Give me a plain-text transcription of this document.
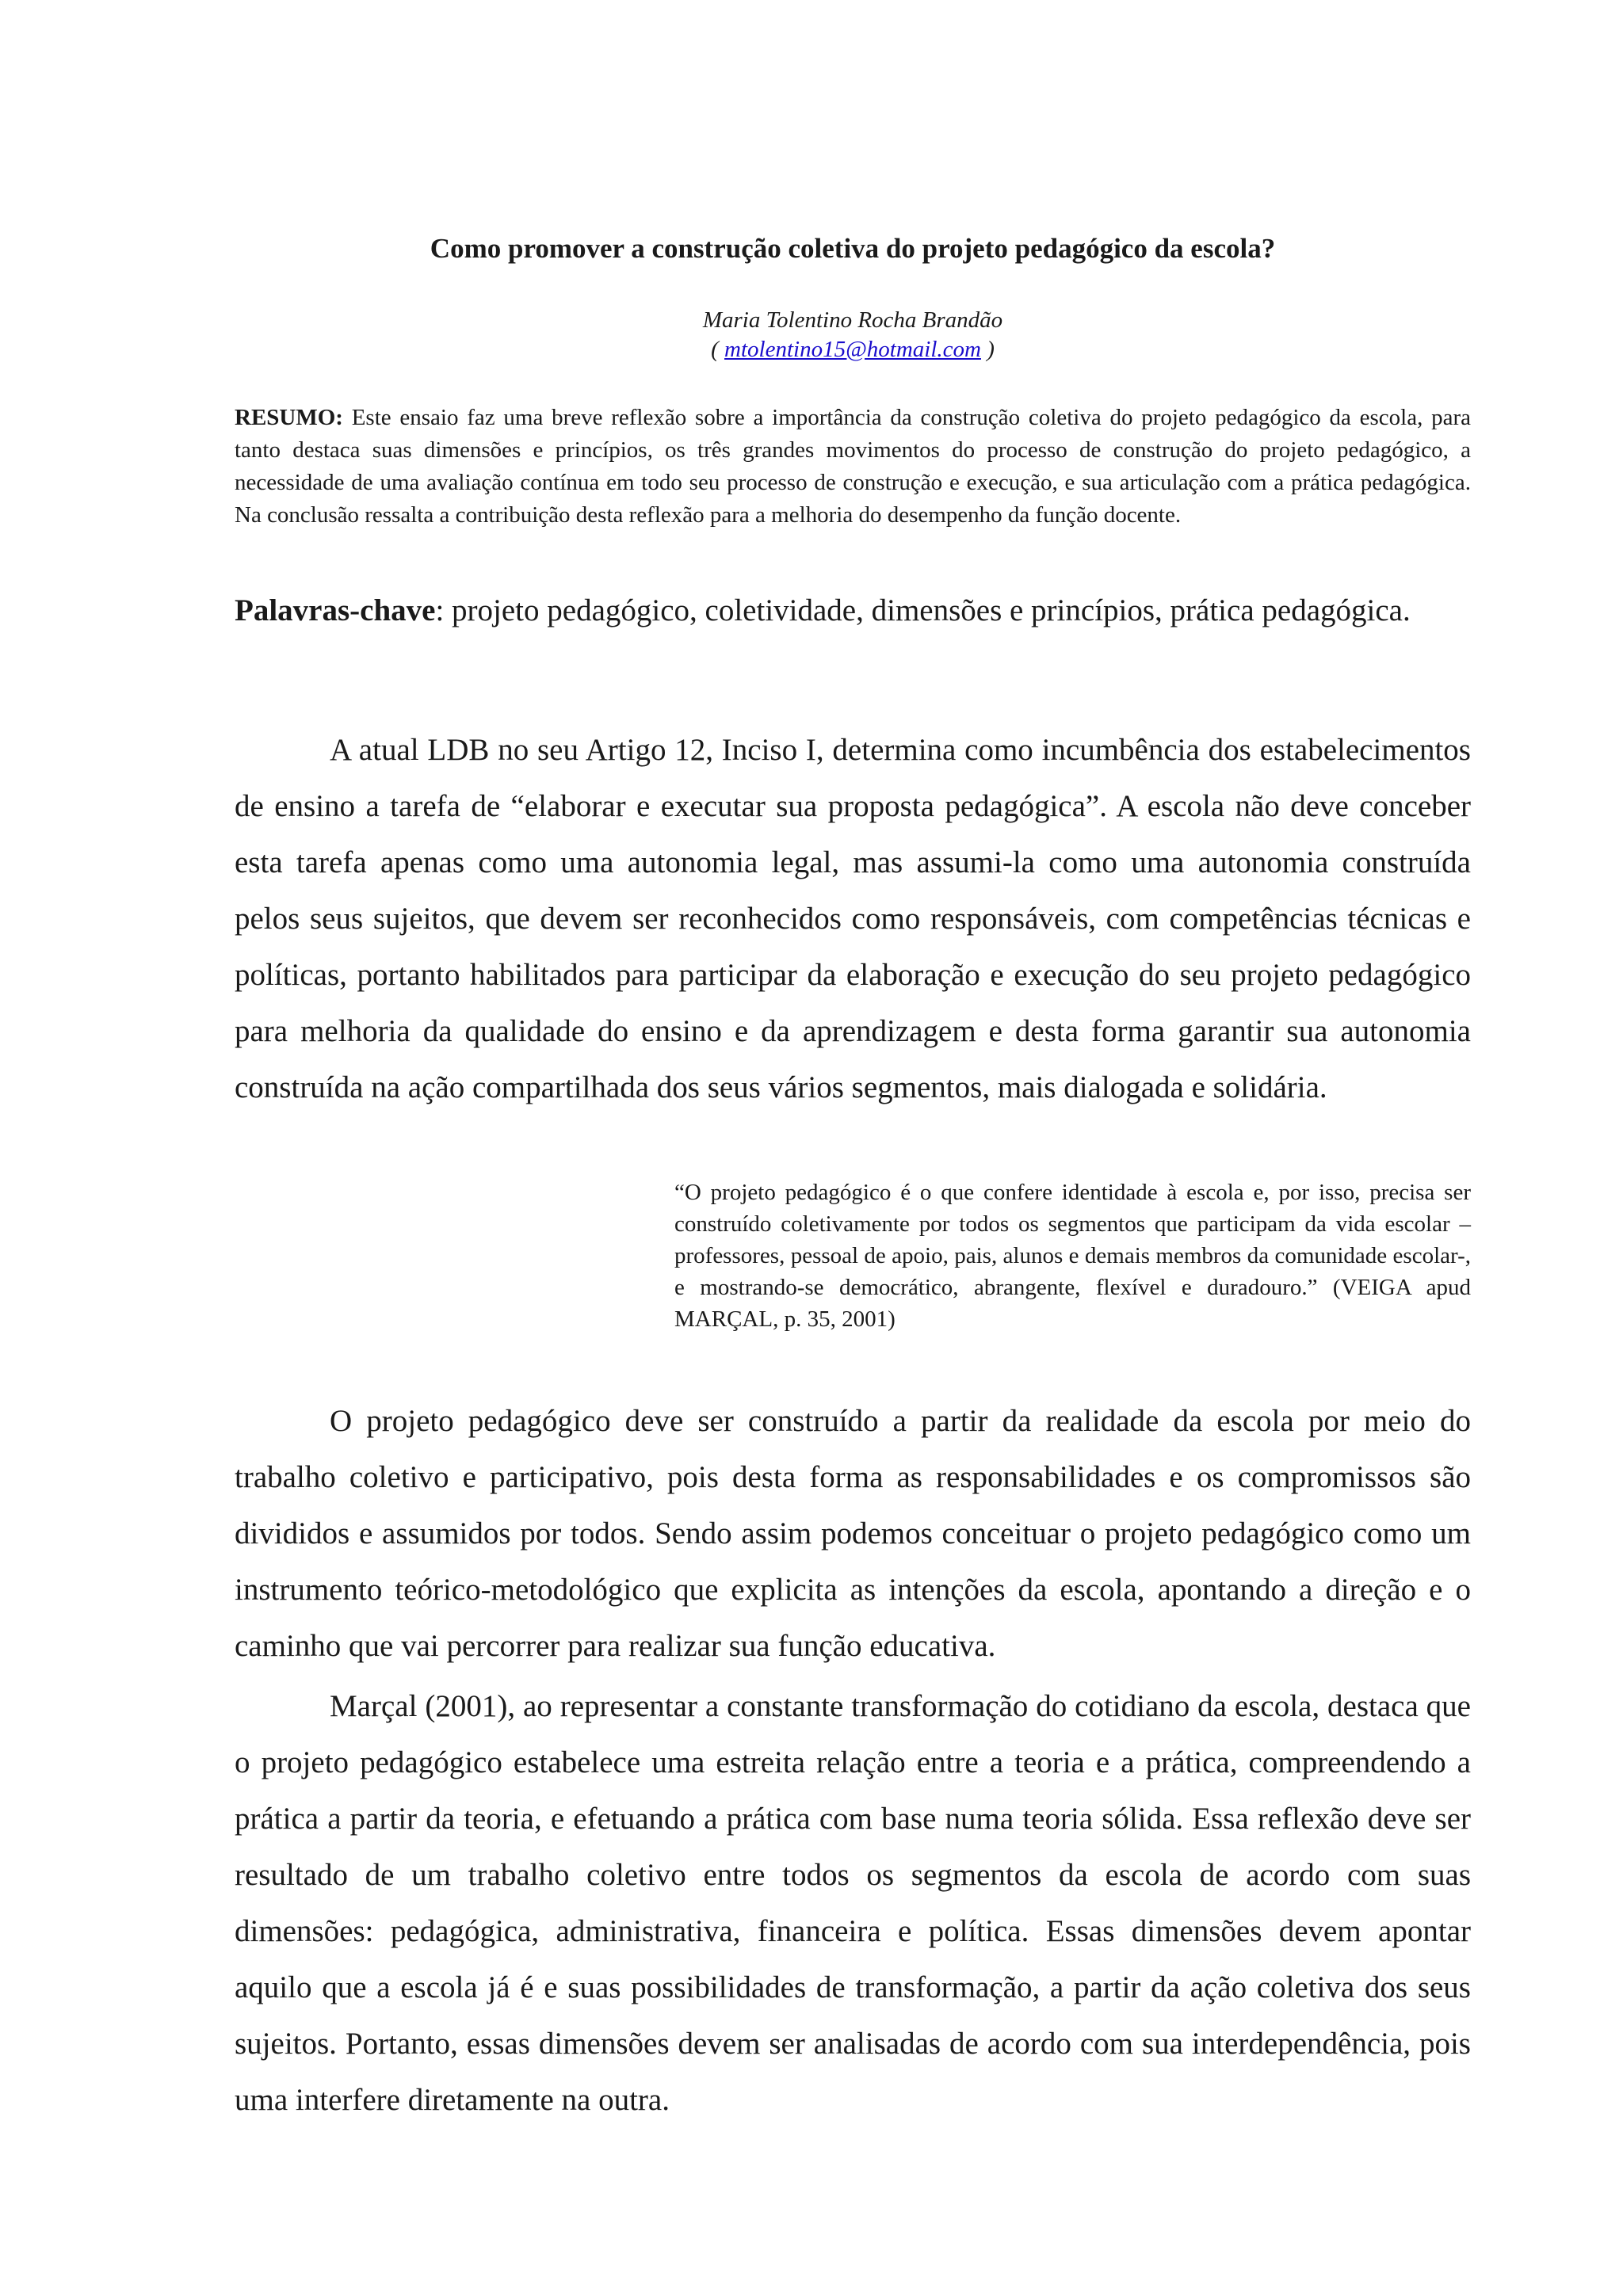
Como promover a construção coletiva do projeto pedagógico da escola?
Maria Tolentino Rocha Brandão
( mtolentino15@hotmail.com )

RESUMO: Este ensaio faz uma breve reflexão sobre a importância da construção coletiva do projeto pedagógico da escola, para tanto destaca suas dimensões e princípios, os três grandes movimentos do processo de construção do projeto pedagógico, a necessidade de uma avaliação contínua em todo seu processo de construção e execução, e sua articulação com a prática pedagógica. Na conclusão ressalta a contribuição desta reflexão para a melhoria do desempenho da função docente.

Palavras-chave: projeto pedagógico, coletividade, dimensões e princípios, prática pedagógica.

A atual LDB no seu Artigo 12, Inciso I, determina como incumbência dos estabelecimentos de ensino a tarefa de “elaborar e executar sua proposta pedagógica”. A escola não deve conceber esta tarefa apenas como uma autonomia legal, mas assumi-la como uma autonomia construída pelos seus sujeitos, que devem ser reconhecidos como responsáveis, com competências técnicas e políticas, portanto habilitados para participar da elaboração e execução do seu projeto pedagógico para melhoria da qualidade do ensino e da aprendizagem e desta forma garantir sua autonomia construída na ação compartilhada dos seus vários segmentos, mais dialogada e solidária.

“O projeto pedagógico é o que confere identidade à escola e, por isso, precisa ser construído coletivamente por todos os segmentos que participam da vida escolar – professores, pessoal de apoio, pais, alunos e demais membros da comunidade escolar-, e mostrando-se democrático, abrangente, flexível e duradouro.” (VEIGA apud MARÇAL, p. 35, 2001)

O projeto pedagógico deve ser construído a partir da realidade da escola por meio do trabalho coletivo e participativo, pois desta forma as responsabilidades e os compromissos são divididos e assumidos por todos. Sendo assim podemos conceituar o projeto pedagógico como um instrumento teórico-metodológico que explicita as intenções da escola, apontando a direção e o caminho que vai percorrer para realizar sua função educativa.

Marçal (2001), ao representar a constante transformação do cotidiano da escola, destaca que o projeto pedagógico estabelece uma estreita relação entre a teoria e a prática, compreendendo a prática a partir da teoria, e efetuando a prática com base numa teoria sólida. Essa reflexão deve ser resultado de um trabalho coletivo entre todos os segmentos da escola de acordo com suas dimensões: pedagógica, administrativa, financeira e política. Essas dimensões devem apontar aquilo que a escola já é e suas possibilidades de transformação, a partir da ação coletiva dos seus sujeitos. Portanto, essas dimensões devem ser analisadas de acordo com sua interdependência, pois uma interfere diretamente na outra.
